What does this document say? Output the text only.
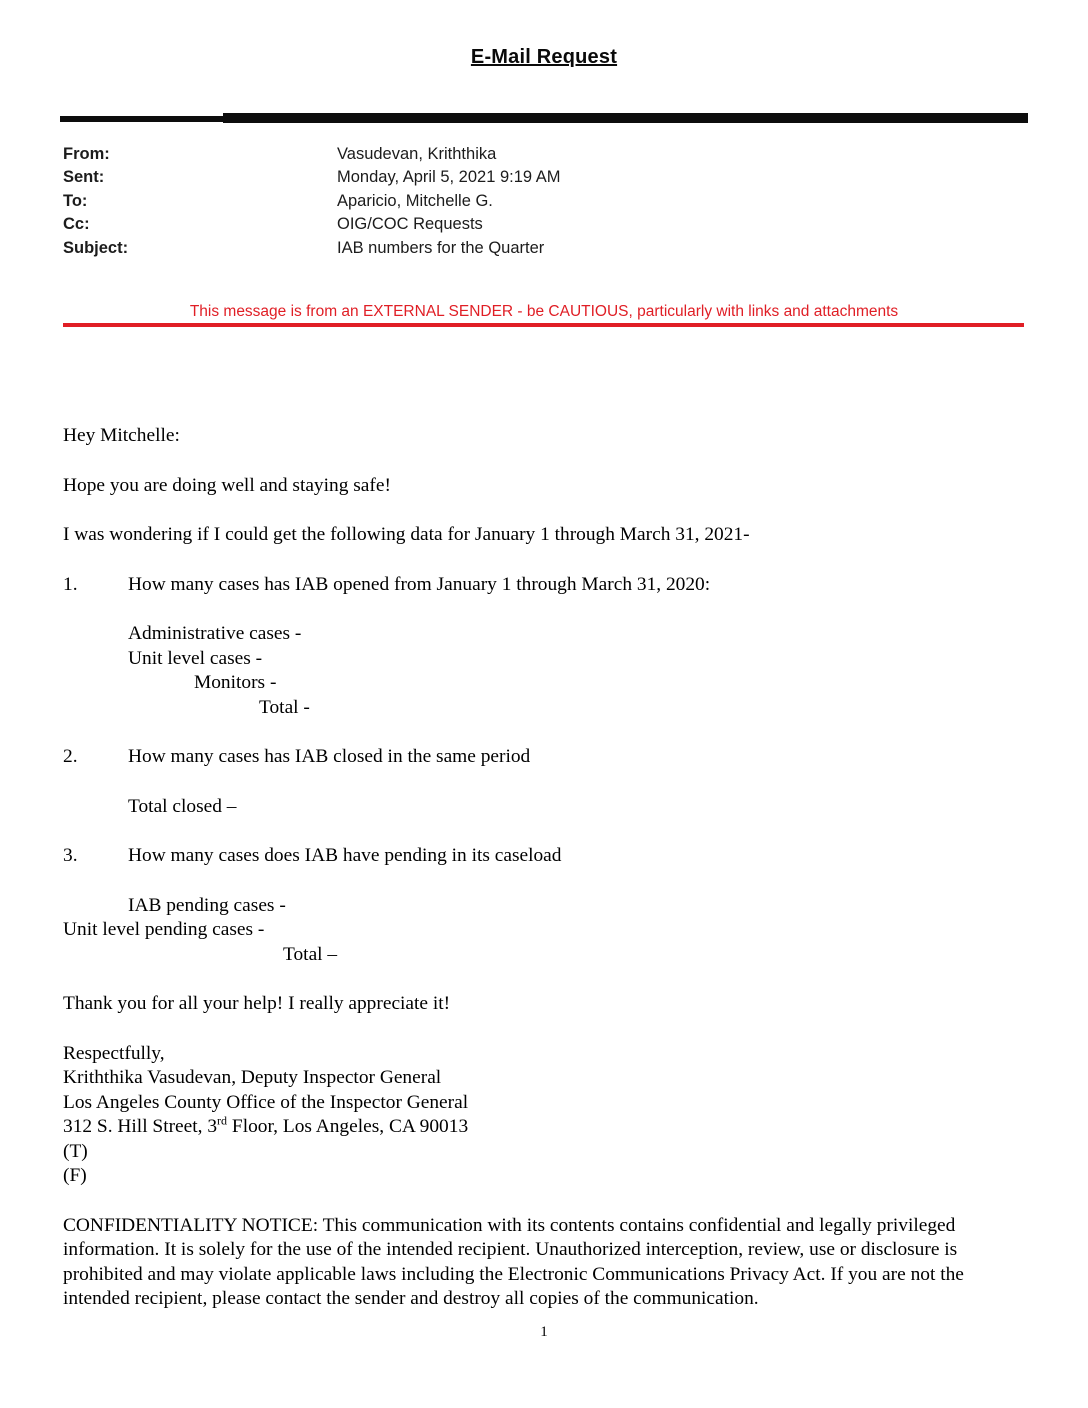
E-Mail Request
From:	Vasudevan, Kriththika
Sent:	Monday, April 5, 2021 9:19 AM
To:	Aparicio, Mitchelle G.
Cc:	OIG/COC Requests
Subject:	IAB numbers for the Quarter
This message is from an EXTERNAL SENDER - be CAUTIOUS, particularly with links and attachments

Hey Mitchelle:

Hope you are doing well and staying safe!

I was wondering if I could get the following data for January 1 through March 31, 2021-

1.	How many cases has IAB opened from January 1 through March 31, 2020:
Administrative cases -
Unit level cases -
Monitors -
Total -
2.	How many cases has IAB closed in the same period
Total closed –
3.	How many cases does IAB have pending in its caseload
IAB pending cases -
Unit level pending cases -
Total –

Thank you for all your help! I really appreciate it!

Respectfully,
Kriththika Vasudevan, Deputy Inspector General
Los Angeles County Office of the Inspector General
312 S. Hill Street, 3rd Floor, Los Angeles, CA 90013
(T)
(F)

CONFIDENTIALITY NOTICE: This communication with its contents contains confidential and legally privileged information. It is solely for the use of the intended recipient. Unauthorized interception, review, use or disclosure is prohibited and may violate applicable laws including the Electronic Communications Privacy Act. If you are not the intended recipient, please contact the sender and destroy all copies of the communication.

1
